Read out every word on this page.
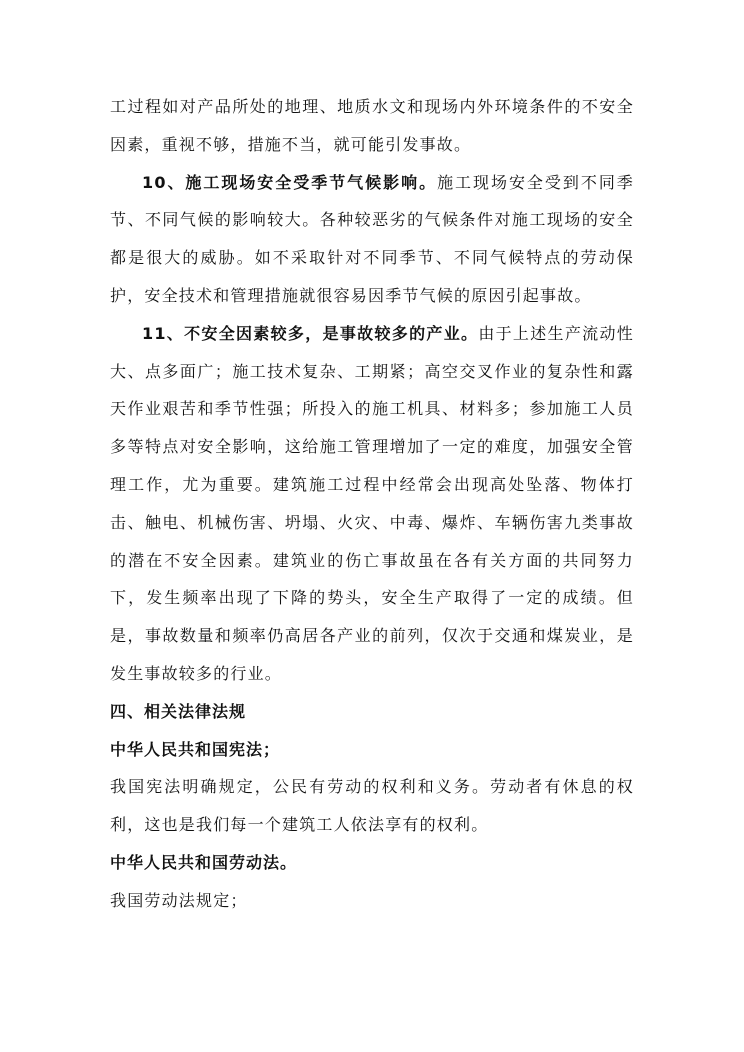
工过程如对产品所处的地理、地质水文和现场内外环境条件的不安全因素，重视不够，措施不当，就可能引发事故。

10、施工现场安全受季节气候影响。施工现场安全受到不同季节、不同气候的影响较大。各种较恶劣的气候条件对施工现场的安全都是很大的威胁。如不采取针对不同季节、不同气候特点的劳动保护，安全技术和管理措施就很容易因季节气候的原因引起事故。

11、不安全因素较多，是事故较多的产业。由于上述生产流动性大、点多面广；施工技术复杂、工期紧；高空交叉作业的复杂性和露天作业艰苦和季节性强；所投入的施工机具、材料多；参加施工人员多等特点对安全影响，这给施工管理增加了一定的难度，加强安全管理工作，尤为重要。建筑施工过程中经常会出现高处坠落、物体打击、触电、机械伤害、坍塌、火灾、中毒、爆炸、车辆伤害九类事故的潜在不安全因素。建筑业的伤亡事故虽在各有关方面的共同努力下，发生频率出现了下降的势头，安全生产取得了一定的成绩。但是，事故数量和频率仍高居各产业的前列，仅次于交通和煤炭业，是发生事故较多的行业。

四、相关法律法规

中华人民共和国宪法；

我国宪法明确规定，公民有劳动的权利和义务。劳动者有休息的权利，这也是我们每一个建筑工人依法享有的权利。

中华人民共和国劳动法。

我国劳动法规定；
